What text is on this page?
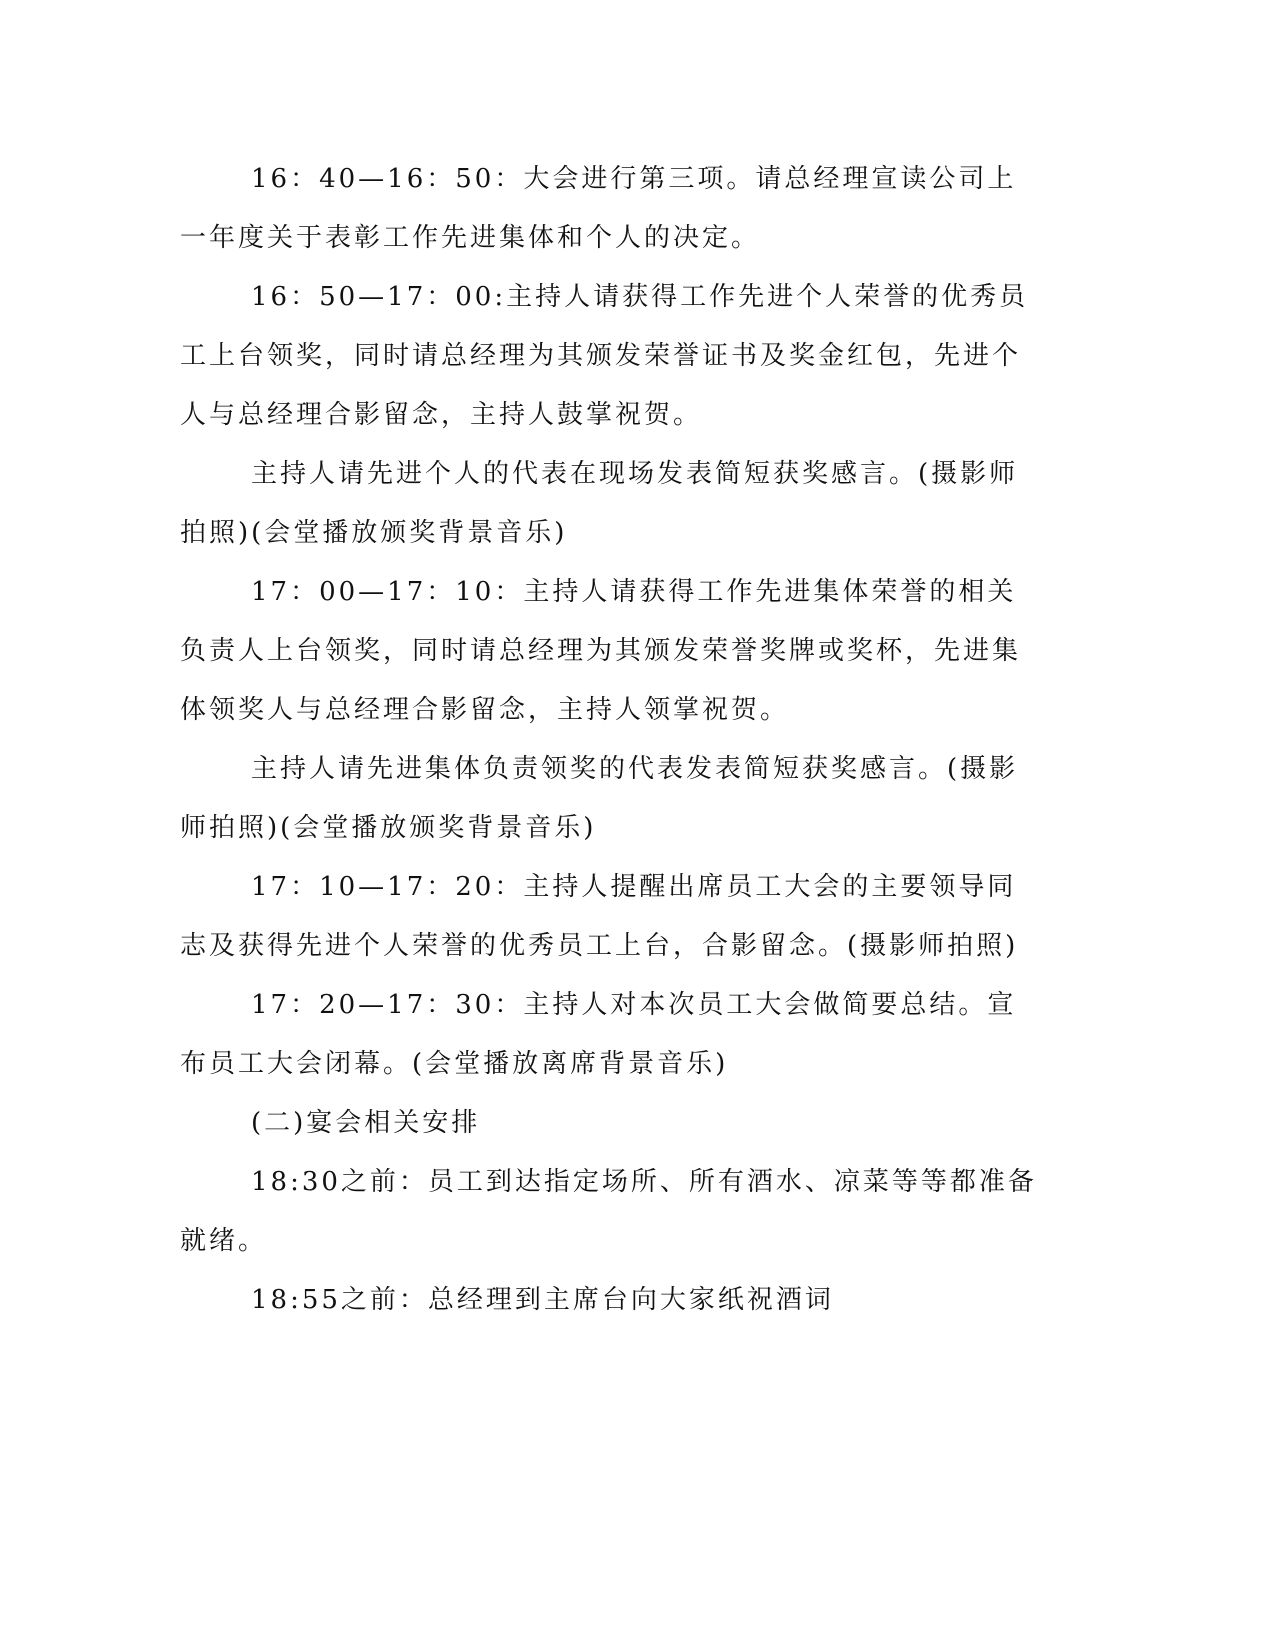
16：40—16：50：大会进行第三项。请总经理宣读公司上一年度关于表彰工作先进集体和个人的决定。

16：50—17：00:主持人请获得工作先进个人荣誉的优秀员工上台领奖，同时请总经理为其颁发荣誉证书及奖金红包，先进个人与总经理合影留念，主持人鼓掌祝贺。

主持人请先进个人的代表在现场发表简短获奖感言。(摄影师拍照)(会堂播放颁奖背景音乐)

17：00—17：10：主持人请获得工作先进集体荣誉的相关负责人上台领奖，同时请总经理为其颁发荣誉奖牌或奖杯，先进集体领奖人与总经理合影留念，主持人领掌祝贺。

主持人请先进集体负责领奖的代表发表简短获奖感言。(摄影师拍照)(会堂播放颁奖背景音乐)

17：10—17：20：主持人提醒出席员工大会的主要领导同志及获得先进个人荣誉的优秀员工上台，合影留念。(摄影师拍照)

17：20—17：30：主持人对本次员工大会做简要总结。宣布员工大会闭幕。(会堂播放离席背景音乐)

(二)宴会相关安排

18:30之前：员工到达指定场所、所有酒水、凉菜等等都准备就绪。

18:55之前：总经理到主席台向大家纸祝酒词
